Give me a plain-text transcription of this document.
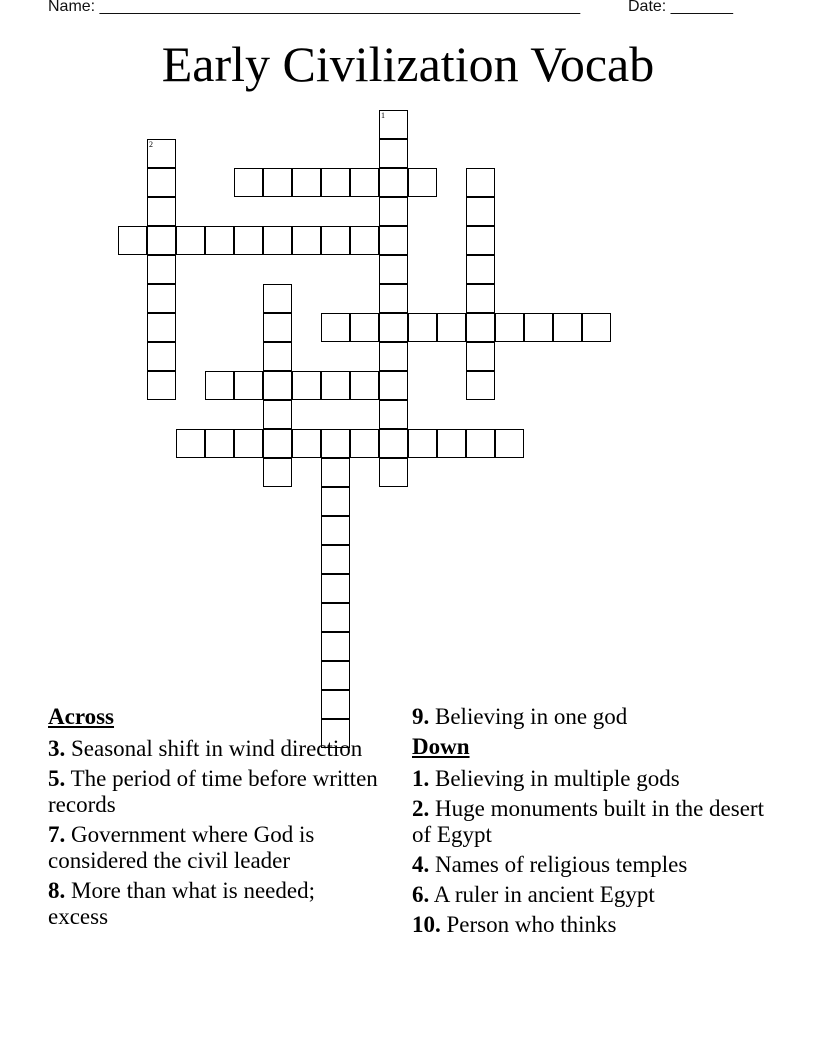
Name: ______________________________________________________	Date: _______
Early Civilization Vocab
1
2
Across
3. Seasonal shift in wind direction
5. The period of time before written records
7. Government where God is considered the civil leader
8. More than what is needed; excess
9. Believing in one god
Down
1. Believing in multiple gods
2. Huge monuments built in the desert of Egypt
4. Names of religious temples
6. A ruler in ancient Egypt
10. Person who thinks
